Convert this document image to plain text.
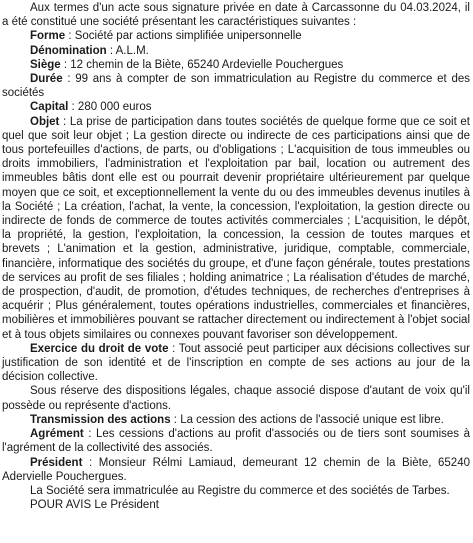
Aux termes d'un acte sous signature privée en date à Carcassonne du 04.03.2024, il a été constitué une société présentant les caractéristiques suivantes :

Forme : Société par actions simplifiée unipersonnelle

Dénomination : A.L.M.

Siège : 12 chemin de la Biète, 65240 Ardevielle Pouchergues

Durée : 99 ans à compter de son immatriculation au Registre du commerce et des sociétés

Capital : 280 000 euros

Objet : La prise de participation dans toutes sociétés de quelque forme que ce soit et quel que soit leur objet ; La gestion directe ou indirecte de ces participations ainsi que de tous portefeuilles d'actions, de parts, ou d'obligations ; L'acquisition de tous immeubles ou droits immobiliers, l'administration et l'exploitation par bail, location ou autrement des immeubles bâtis dont elle est ou pourrait devenir propriétaire ultérieurement par quelque moyen que ce soit, et exceptionnellement la vente du ou des immeubles devenus inutiles à la Société ; La création, l'achat, la vente, la concession, l'exploitation, la gestion directe ou indirecte de fonds de commerce de toutes activités commerciales ; L'acquisition, le dépôt, la propriété, la gestion, l'exploitation, la concession, la cession de toutes marques et brevets ; L'animation et la gestion, administrative, juridique, comptable, commerciale, financière, informatique des sociétés du groupe, et d'une façon générale, toutes prestations de services au profit de ses filiales ; holding animatrice ; La réalisation d'études de marché, de prospection, d'audit, de promotion, d'études techniques, de recherches d'entreprises à acquérir ; Plus généralement, toutes opérations industrielles, commerciales et financières, mobilières et immobilières pouvant se rattacher directement ou indirectement à l'objet social et à tous objets similaires ou connexes pouvant favoriser son développement.

Exercice du droit de vote : Tout associé peut participer aux décisions collectives sur justification de son identité et de l'inscription en compte de ses actions au jour de la décision collective.

Sous réserve des dispositions légales, chaque associé dispose d'autant de voix qu'il possède ou représente d'actions.

Transmission des actions : La cession des actions de l'associé unique est libre.

Agrément : Les cessions d'actions au profit d'associés ou de tiers sont soumises à l'agrément de la collectivité des associés.

Président : Monsieur Rélmi Lamiaud, demeurant 12 chemin de la Biète, 65240 Adervielle Pouchergues.

La Société sera immatriculée au Registre du commerce et des sociétés de Tarbes.

POUR AVIS Le Président
